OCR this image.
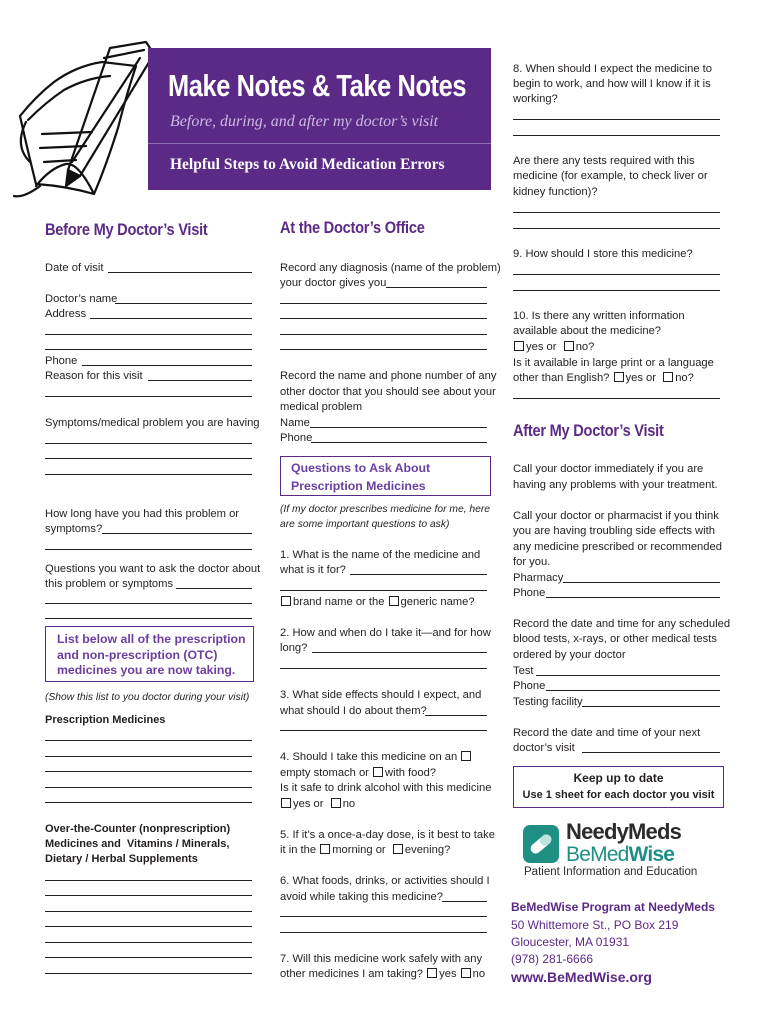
Make Notes & Take Notes
Before, during, and after my doctor’s visit
Helpful Steps to Avoid Medication Errors
Before My Doctor’s Visit
Date of visit
Doctor’s name
Address
Phone
Reason for this visit
Symptoms/medical problem you are having
How long have you had this problem or
symptoms?
Questions you want to ask the doctor about
this problem or symptoms
List below all of the prescription
and non-prescription (OTC)
medicines you are now taking.
(Show this list to you doctor during your visit)
Prescription Medicines
Over-the-Counter (nonprescription)
Medicines and  Vitamins / Minerals,
Dietary / Herbal Supplements
At the Doctor’s Office
Record any diagnosis (name of the problem)
your doctor gives you
Record the name and phone number of any
other doctor that you should see about your
medical problem
Name
Phone
Questions to Ask About
Prescription Medicines
(If my doctor prescribes medicine for me, here
are some important questions to ask)
1. What is the name of the medicine and
what is it for?
brand name or the generic name?
2. How and when do I take it—and for how
long?
3. What side effects should I expect, and
what should I do about them?
4. Should I take this medicine on an
empty stomach or with food?
Is it safe to drink alcohol with this medicine
yes or no
5. If it’s a once-a-day dose, is it best to take
it in the morning or evening?
6. What foods, drinks, or activities should I
avoid while taking this medicine?
7. Will this medicine work safely with any
other medicines I am taking? yes no
8. When should I expect the medicine to
begin to work, and how will I know if it is
working?
Are there any tests required with this
medicine (for example, to check liver or
kidney function)?
9. How should I store this medicine?
10. Is there any written information
available about the medicine?
yes or no?
Is it available in large print or a language
other than English? yes or no?
After My Doctor’s Visit
Call your doctor immediately if you are
having any problems with your treatment.
Call your doctor or pharmacist if you think
you are having troubling side effects with
any medicine prescribed or recommended
for you.
Pharmacy
Phone
Record the date and time for any scheduled
blood tests, x-rays, or other medical tests
ordered by your doctor
Test
Phone
Testing facility
Record the date and time of your next
doctor’s visit
Keep up to date
Use 1 sheet for each doctor you visit
NeedyMeds
BeMedWise
Patient Information and Education
BeMedWise Program at NeedyMeds
50 Whittemore St., PO Box 219
Gloucester, MA 01931
(978) 281-6666
www.BeMedWise.org
